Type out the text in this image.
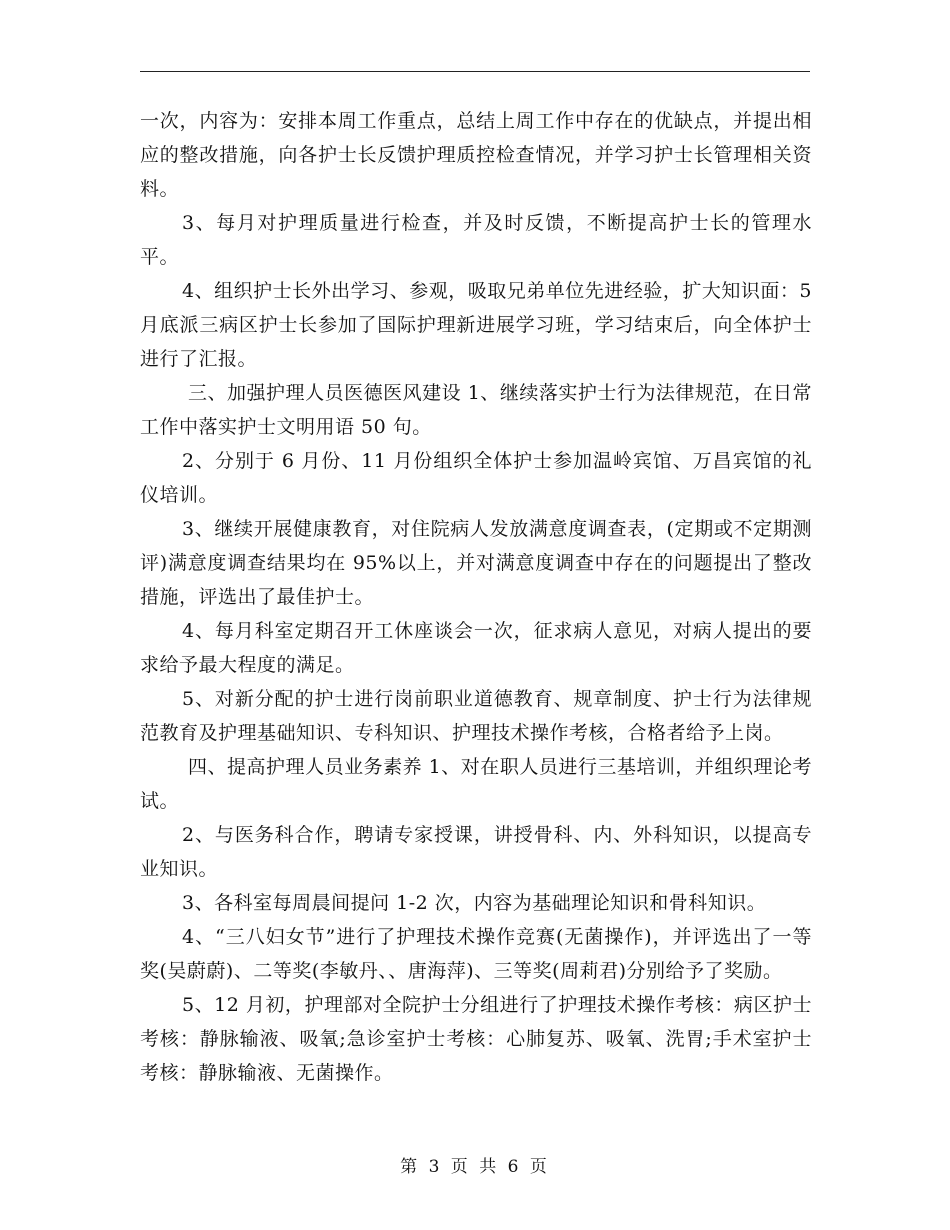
一次，内容为：安排本周工作重点，总结上周工作中存在的优缺点，并提出相应的整改措施，向各护士长反馈护理质控检查情况，并学习护士长管理相关资料。

3、每月对护理质量进行检查，并及时反馈，不断提高护士长的管理水平。

4、组织护士长外出学习、参观，吸取兄弟单位先进经验，扩大知识面：5月底派三病区护士长参加了国际护理新进展学习班，学习结束后，向全体护士进行了汇报。

三、加强护理人员医德医风建设 1、继续落实护士行为法律规范，在日常工作中落实护士文明用语 50 句。

2、分别于 6 月份、11 月份组织全体护士参加温岭宾馆、万昌宾馆的礼仪培训。

3、继续开展健康教育，对住院病人发放满意度调查表，(定期或不定期测评)满意度调查结果均在 95%以上，并对满意度调查中存在的问题提出了整改措施，评选出了最佳护士。

4、每月科室定期召开工休座谈会一次，征求病人意见，对病人提出的要求给予最大程度的满足。

5、对新分配的护士进行岗前职业道德教育、规章制度、护士行为法律规范教育及护理基础知识、专科知识、护理技术操作考核，合格者给予上岗。

四、提高护理人员业务素养 1、对在职人员进行三基培训，并组织理论考试。

2、与医务科合作，聘请专家授课，讲授骨科、内、外科知识，以提高专业知识。

3、各科室每周晨间提问 1-2 次，内容为基础理论知识和骨科知识。

4、“三八妇女节”进行了护理技术操作竞赛(无菌操作)，并评选出了一等奖(吴蔚蔚)、二等奖(李敏丹、、唐海萍)、三等奖(周莉君)分别给予了奖励。

5、12 月初，护理部对全院护士分组进行了护理技术操作考核：病区护士考核：静脉输液、吸氧;急诊室护士考核：心肺复苏、吸氧、洗胃;手术室护士考核：静脉输液、无菌操作。

第 3 页 共 6 页
